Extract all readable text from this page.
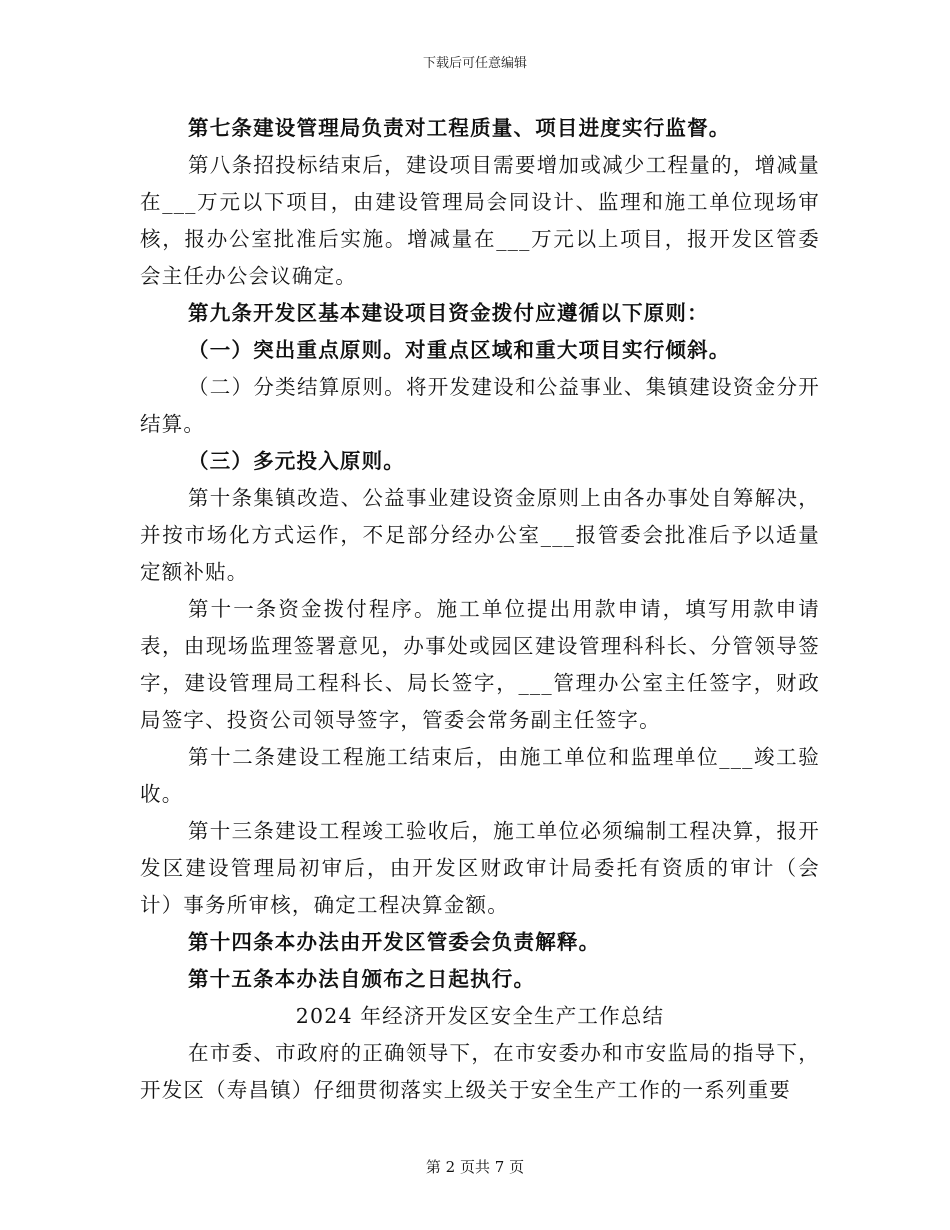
下载后可任意编辑

第七条建设管理局负责对工程质量、项目进度实行监督。

第八条招投标结束后，建设项目需要增加或减少工程量的，增减量在___万元以下项目，由建设管理局会同设计、监理和施工单位现场审核，报办公室批准后实施。增减量在___万元以上项目，报开发区管委会主任办公会议确定。

第九条开发区基本建设项目资金拨付应遵循以下原则：

（一）突出重点原则。对重点区域和重大项目实行倾斜。

（二）分类结算原则。将开发建设和公益事业、集镇建设资金分开结算。

（三）多元投入原则。

第十条集镇改造、公益事业建设资金原则上由各办事处自筹解决，并按市场化方式运作，不足部分经办公室___报管委会批准后予以适量定额补贴。

第十一条资金拨付程序。施工单位提出用款申请，填写用款申请表，由现场监理签署意见，办事处或园区建设管理科科长、分管领导签字，建设管理局工程科长、局长签字，___管理办公室主任签字，财政局签字、投资公司领导签字，管委会常务副主任签字。

第十二条建设工程施工结束后，由施工单位和监理单位___竣工验收。

第十三条建设工程竣工验收后，施工单位必须编制工程决算，报开发区建设管理局初审后，由开发区财政审计局委托有资质的审计（会计）事务所审核，确定工程决算金额。

第十四条本办法由开发区管委会负责解释。

第十五条本办法自颁布之日起执行。

2024 年经济开发区安全生产工作总结

在市委、市政府的正确领导下，在市安委办和市安监局的指导下，开发区（寿昌镇）仔细贯彻落实上级关于安全生产工作的一系列重要

第 2 页共 7 页
